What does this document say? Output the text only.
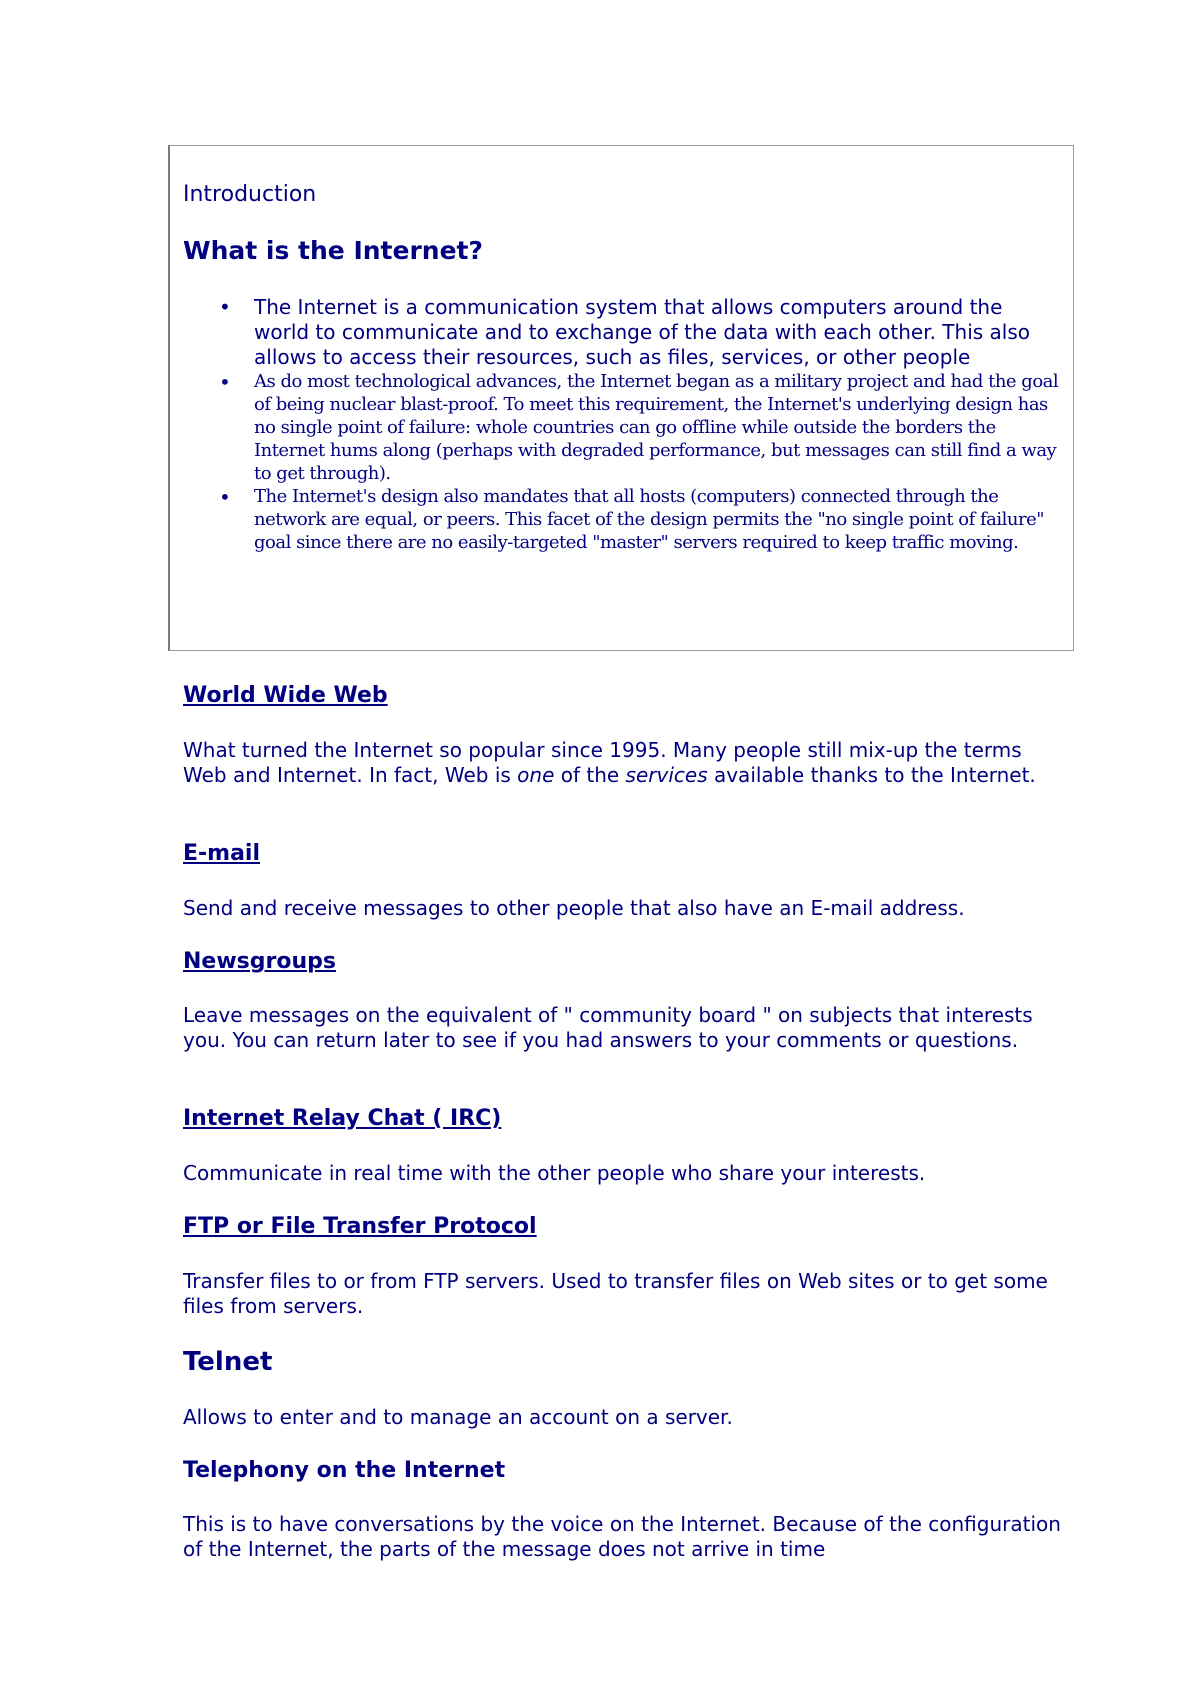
Introduction

What is the Internet?
• The Internet is a communication system that allows computers around the world to communicate and to exchange of the data with each other. This also allows to access their resources, such as files, services, or other people
• As do most technological advances, the Internet began as a military project and had the goal of being nuclear blast-proof. To meet this requirement, the Internet's underlying design has no single point of failure: whole countries can go offline while outside the borders the Internet hums along (perhaps with degraded performance, but messages can still find a way to get through).
• The Internet's design also mandates that all hosts (computers) connected through the network are equal, or peers. This facet of the design permits the "no single point of failure" goal since there are no easily-targeted "master" servers required to keep traffic moving.
World Wide Web

What turned the Internet so popular since 1995. Many people still mix-up the terms Web and Internet. In fact, Web is one of the services available thanks to the Internet.

E-mail

Send and receive messages to other people that also have an E-mail address.

Newsgroups

Leave messages on the equivalent of " community board " on subjects that interests you. You can return later to see if you had answers to your comments or questions.

Internet Relay Chat ( IRC)

Communicate in real time with the other people who share your interests.

FTP or File Transfer Protocol

Transfer files to or from FTP servers. Used to transfer files on Web sites or to get some files from servers.

Telnet

Allows to enter and to manage an account on a server.

Telephony on the Internet

This is to have conversations by the voice on the Internet. Because of the configuration of the Internet, the parts of the message does not arrive in time
